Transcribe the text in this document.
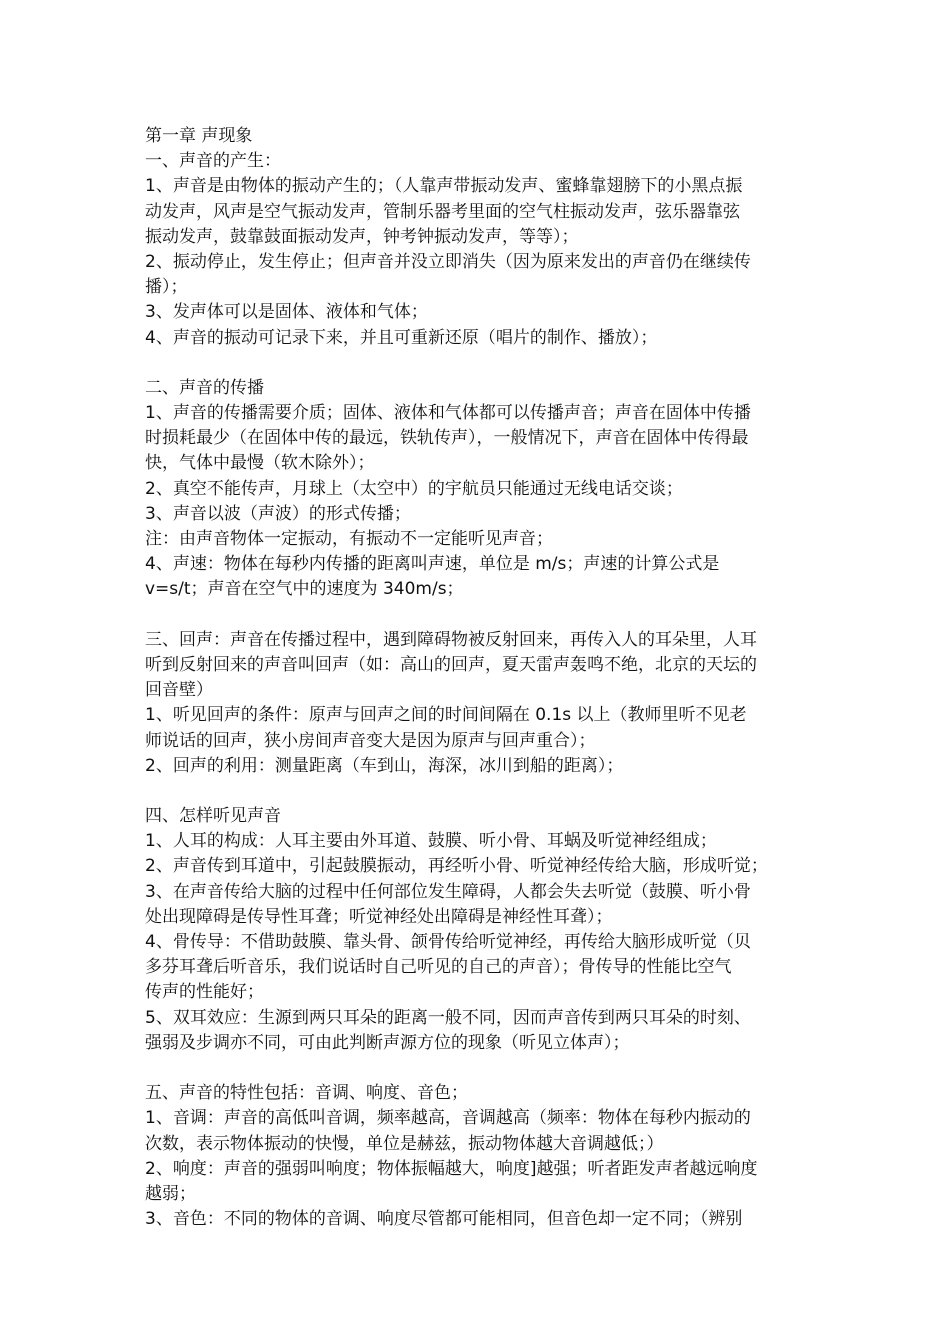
第一章 声现象
一、声音的产生：
1、声音是由物体的振动产生的；（人靠声带振动发声、蜜蜂靠翅膀下的小黑点振
动发声，风声是空气振动发声，管制乐器考里面的空气柱振动发声，弦乐器靠弦
振动发声，鼓靠鼓面振动发声，钟考钟振动发声，等等）；
2、振动停止，发生停止；但声音并没立即消失（因为原来发出的声音仍在继续传
播）；
3、发声体可以是固体、液体和气体；
4、声音的振动可记录下来，并且可重新还原（唱片的制作、播放）；
二、声音的传播
1、声音的传播需要介质；固体、液体和气体都可以传播声音；声音在固体中传播
时损耗最少（在固体中传的最远，铁轨传声），一般情况下，声音在固体中传得最
快，气体中最慢（软木除外）；
2、真空不能传声，月球上（太空中）的宇航员只能通过无线电话交谈；
3、声音以波（声波）的形式传播；
注：由声音物体一定振动，有振动不一定能听见声音；
4、声速：物体在每秒内传播的距离叫声速，单位是 m/s；声速的计算公式是
v=s/t；声音在空气中的速度为 340m/s；
三、回声：声音在传播过程中，遇到障碍物被反射回来，再传入人的耳朵里，人耳
听到反射回来的声音叫回声（如：高山的回声，夏天雷声轰鸣不绝，北京的天坛的
回音壁）
1、听见回声的条件：原声与回声之间的时间间隔在 0.1s 以上（教师里听不见老
师说话的回声，狭小房间声音变大是因为原声与回声重合）；
2、回声的利用：测量距离（车到山，海深，冰川到船的距离）；
四、怎样听见声音
1、人耳的构成：人耳主要由外耳道、鼓膜、听小骨、耳蜗及听觉神经组成；
2、声音传到耳道中，引起鼓膜振动，再经听小骨、听觉神经传给大脑，形成听觉；
3、在声音传给大脑的过程中任何部位发生障碍，人都会失去听觉（鼓膜、听小骨
处出现障碍是传导性耳聋；听觉神经处出障碍是神经性耳聋）；
4、骨传导：不借助鼓膜、靠头骨、颌骨传给听觉神经，再传给大脑形成听觉（贝
多芬耳聋后听音乐，我们说话时自己听见的自己的声音）；骨传导的性能比空气
传声的性能好；
5、双耳效应：生源到两只耳朵的距离一般不同，因而声音传到两只耳朵的时刻、
强弱及步调亦不同，可由此判断声源方位的现象（听见立体声）；
五、声音的特性包括：音调、响度、音色；
1、音调：声音的高低叫音调，频率越高，音调越高（频率：物体在每秒内振动的
次数，表示物体振动的快慢，单位是赫兹，振动物体越大音调越低；）
2、响度：声音的强弱叫响度；物体振幅越大，响度]越强；听者距发声者越远响度
越弱；
3、音色：不同的物体的音调、响度尽管都可能相同，但音色却一定不同；（辨别
